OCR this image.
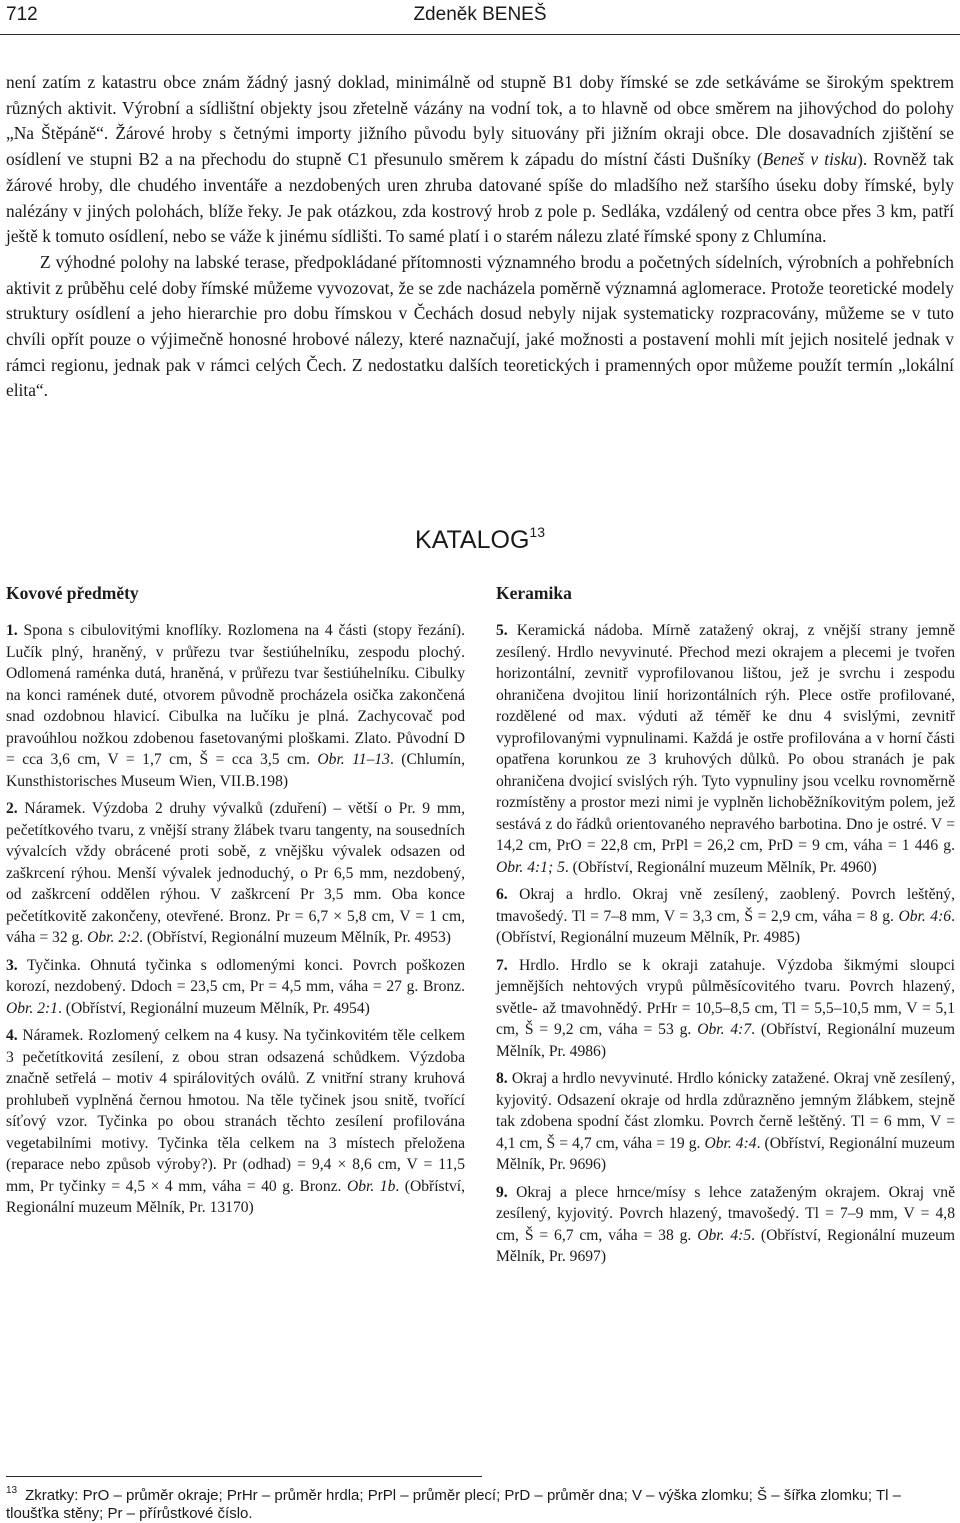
712	Zdeněk BENEŠ

není zatím z katastru obce znám žádný jasný doklad, minimálně od stupně B1 doby římské se zde setkáváme se širokým spektrem různých aktivit. Výrobní a sídlištní objekty jsou zřetelně vázány na vodní tok, a to hlavně od obce směrem na jihovýchod do polohy „Na Štěpáně“. Žárové hroby s četnými importy jižního původu byly situovány při jižním okraji obce. Dle dosavadních zjištění se osídlení ve stupni B2 a na přechodu do stupně C1 přesunulo směrem k západu do místní části Dušníky (Beneš v tisku). Rovněž tak žárové hroby, dle chudého inventáře a nezdobených uren zhruba datované spíše do mladšího než staršího úseku doby římské, byly nalézány v jiných polohách, blíže řeky. Je pak otázkou, zda kostrový hrob z pole p. Sedláka, vzdálený od centra obce přes 3 km, patří ještě k tomuto osídlení, nebo se váže k jinému sídlišti. To samé platí i o starém nálezu zlaté římské spony z Chlumína.

Z výhodné polohy na labské terase, předpokládané přítomnosti významného brodu a početných sídelních, výrobních a pohřebních aktivit z průběhu celé doby římské můžeme vyvozovat, že se zde nacházela poměrně významná aglomerace. Protože teoretické modely struktury osídlení a jeho hierarchie pro dobu římskou v Čechách dosud nebyly nijak systematicky rozpracovány, můžeme se v tuto chvíli opřít pouze o výjimečně honosné hrobové nálezy, které naznačují, jaké možnosti a postavení mohli mít jejich nositelé jednak v rámci regionu, jednak pak v rámci celých Čech. Z nedostatku dalších teoretických i pramenných opor můžeme použít termín „lokální elita“.

KATALOG$^{13}$
Kovové předměty

1. Spona s cibulovitými knoflíky. Rozlomena na 4 části (stopy řezání). Lučík plný, hraněný, v průřezu tvar šestiúhelníku, zespodu plochý. Odlomená raménka dutá, hraněná, v průřezu tvar šestiúhelníku. Cibulky na konci ramének duté, otvorem původně procházela osička zakončená snad ozdobnou hlavicí. Cibulka na lučíku je plná. Zachycovač pod pravoúhlou nožkou zdobenou fasetovanými ploškami. Zlato. Původní D = cca 3,6 cm, V = 1,7 cm, Š = cca 3,5 cm. Obr. 11–13. (Chlumín, Kunsthistorisches Museum Wien, VII.B.198)

2. Náramek. Výzdoba 2 druhy vývalků (zduření) – větší o Pr. 9 mm, pečetítkového tvaru, z vnější strany žlábek tvaru tangenty, na sousedních vývalcích vždy obrácené proti sobě, z vnějšku vývalek odsazen od zaškrcení rýhou. Menší vývalek jednoduchý, o Pr 6,5 mm, nezdobený, od zaškrcení oddělen rýhou. V zaškrcení Pr 3,5 mm. Oba konce pečetítkovitě zakončeny, otevřené. Bronz. Pr = 6,7 × 5,8 cm, V = 1 cm, váha = 32 g. Obr. 2:2. (Obříství, Regionální muzeum Mělník, Pr. 4953)

3. Tyčinka. Ohnutá tyčinka s odlomenými konci. Povrch poškozen korozí, nezdobený. Ddoch = 23,5 cm, Pr = 4,5 mm, váha = 27 g. Bronz. Obr. 2:1. (Obříství, Regionální muzeum Mělník, Pr. 4954)

4. Náramek. Rozlomený celkem na 4 kusy. Na tyčinkovitém těle celkem 3 pečetítkovitá zesílení, z obou stran odsazená schůdkem. Výzdoba značně setřelá – motiv 4 spirálovitých oválů. Z vnitřní strany kruhová prohlubeň vyplněná černou hmotou. Na těle tyčinek jsou snitě, tvořící síťový vzor. Tyčinka po obou stranách těchto zesílení profilována vegetabilními motivy. Tyčinka těla celkem na 3 místech přeložena (reparace nebo způsob výroby?). Pr (odhad) = 9,4 × 8,6 cm, V = 11,5 mm, Pr tyčinky = 4,5 × 4 mm, váha = 40 g. Bronz. Obr. 1b. (Obříství, Regionální muzeum Mělník, Pr. 13170)

Keramika

5. Keramická nádoba. Mírně zatažený okraj, z vnější strany jemně zesílený. Hrdlo nevyvinuté. Přechod mezi okrajem a plecemi je tvořen horizontální, zevnitř vyprofilovanou lištou, jež je svrchu i zespodu ohraničena dvojitou linií horizontálních rýh. Plece ostře profilované, rozdělené od max. výduti až téměř ke dnu 4 svislými, zevnitř vyprofilovanými vypnulinami. Každá je ostře profilována a v horní části opatřena korunkou ze 3 kruhových důlků. Po obou stranách je pak ohraničena dvojicí svislých rýh. Tyto vypnuliny jsou vcelku rovnoměrně rozmístěny a prostor mezi nimi je vyplněn lichoběžníkovitým polem, jež sestává z do řádků orientovaného nepravého barbotina. Dno je ostré. V = 14,2 cm, PrO = 22,8 cm, PrPl = 26,2 cm, PrD = 9 cm, váha = 1 446 g. Obr. 4:1; 5. (Obříství, Regionální muzeum Mělník, Pr. 4960)

6. Okraj a hrdlo. Okraj vně zesílený, zaoblený. Povrch leštěný, tmavošedý. Tl = 7–8 mm, V = 3,3 cm, Š = 2,9 cm, váha = 8 g. Obr. 4:6. (Obříství, Regionální muzeum Mělník, Pr. 4985)

7. Hrdlo. Hrdlo se k okraji zatahuje. Výzdoba šikmými sloupci jemnějších nehtových vrypů půlměsícovitého tvaru. Povrch hlazený, světle- až tmavohnědý. PrHr = 10,5–8,5 cm, Tl = 5,5–10,5 mm, V = 5,1 cm, Š = 9,2 cm, váha = 53 g. Obr. 4:7. (Obříství, Regionální muzeum Mělník, Pr. 4986)

8. Okraj a hrdlo nevyvinuté. Hrdlo kónicky zatažené. Okraj vně zesílený, kyjovitý. Odsazení okraje od hrdla zdůrazněno jemným žlábkem, stejně tak zdobena spodní část zlomku. Povrch černě leštěný. Tl = 6 mm, V = 4,1 cm, Š = 4,7 cm, váha = 19 g. Obr. 4:4. (Obříství, Regionální muzeum Mělník, Pr. 9696)

9. Okraj a plece hrnce/mísy s lehce zataženým okrajem. Okraj vně zesílený, kyjovitý. Povrch hlazený, tmavošedý. Tl = 7–9 mm, V = 4,8 cm, Š = 6,7 cm, váha = 38 g. Obr. 4:5. (Obříství, Regionální muzeum Mělník, Pr. 9697)

$^{13}$ Zkratky: PrO – průměr okraje; PrHr – průměr hrdla; PrPl – průměr plecí; PrD – průměr dna; V – výška zlomku; Š – šířka zlomku; Tl – tloušťka stěny; Pr – přírůstkové číslo.
